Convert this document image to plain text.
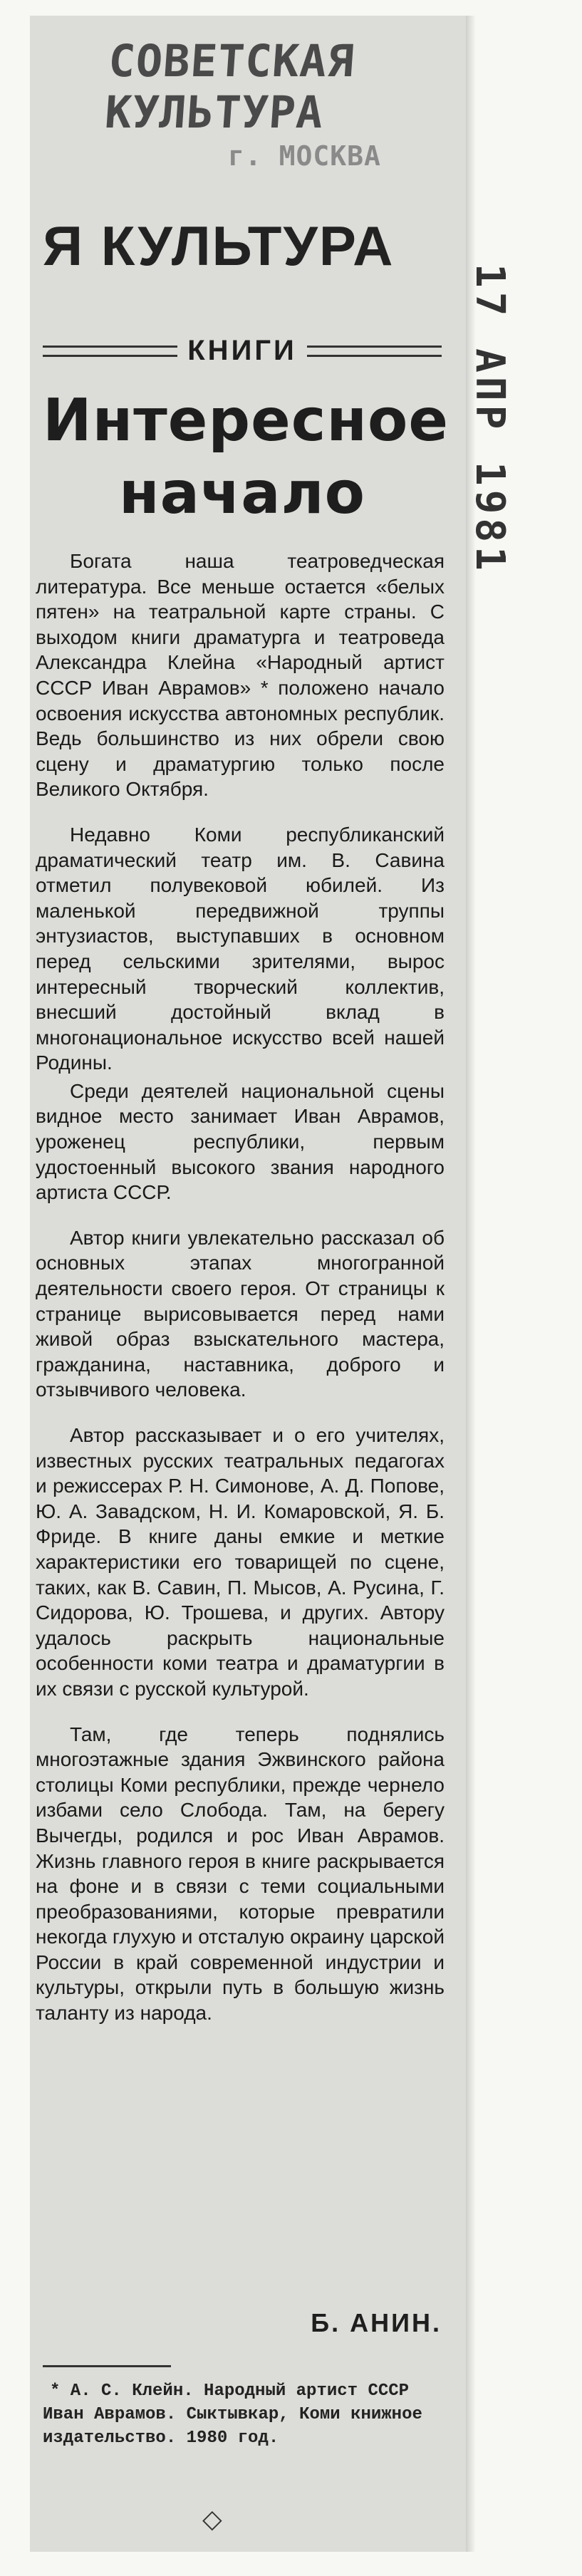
СОВЕТСКАЯ КУЛЬТУРА
г. МОСКВА
Я КУЛЬТУРА
17 АПР 1981
КНИГИ
Интересное
начало

Богата наша театроведческая литература. Все меньше остается «белых пятен» на театральной карте страны. С выходом книги драматурга и театроведа Александра Клейна «Народный артист СССР Иван Аврамов» * положено начало освоения искусства автономных республик. Ведь большинство из них обрели свою сцену и драматургию только после Великого Октября.

Недавно Коми республиканский драматический театр им. В. Савина отметил полувековой юбилей. Из маленькой передвижной труппы энтузиастов, выступавших в основном перед сельскими зрителями, вырос интересный творческий коллектив, внесший достойный вклад в многонациональное искусство всей нашей Родины.

Среди деятелей национальной сцены видное место занимает Иван Аврамов, уроженец республики, первым удостоенный высокого звания народного артиста СССР.

Автор книги увлекательно рассказал об основных этапах многогранной деятельности своего героя. От страницы к странице вырисовывается перед нами живой образ взыскательного мастера, гражданина, наставника, доброго и отзывчивого человека.

Автор рассказывает и о его учителях, известных русских театральных педагогах и режиссерах Р. Н. Симонове, А. Д. Попове, Ю. А. Завадском, Н. И. Комаровской, Я. Б. Фриде. В книге даны емкие и меткие характеристики его товарищей по сцене, таких, как В. Савин, П. Мысов, А. Русина, Г. Сидорова, Ю. Трошева, и других. Автору удалось раскрыть национальные особенности коми театра и драматургии в их связи с русской культурой.

Там, где теперь поднялись многоэтажные здания Эжвинского района столицы Коми республики, прежде чернело избами село Слобода. Там, на берегу Вычегды, родился и рос Иван Аврамов. Жизнь главного героя в книге раскрывается на фоне и в связи с теми социальными преобразованиями, которые превратили некогда глухую и отсталую окраину царской России в край современной индустрии и культуры, открыли путь в большую жизнь таланту из народа.

Б. АНИН.
* А. С. Клейн. Народный артист СССР Иван Аврамов. Сыктывкар, Коми книжное издательство. 1980 год.
◇
